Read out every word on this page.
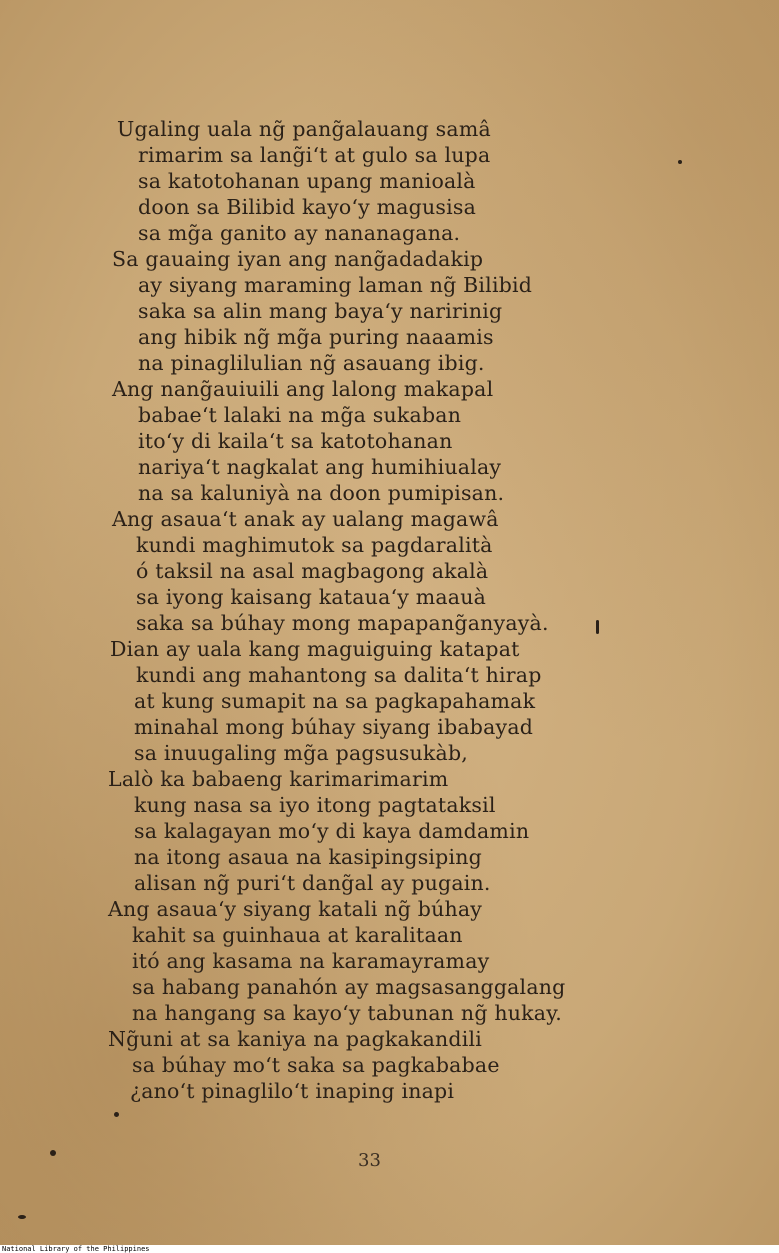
Ugaling uala ng̃ pang̃alauang samâ
rimarim sa lang̃i‘t at gulo sa lupa
sa katotohanan upang manioalà
doon sa Bilibid kayo‘y magusisa
sa mg̃a ganito ay nananagana.
Sa gauaing iyan ang nang̃adadakip
ay siyang maraming laman ng̃ Bilibid
saka sa alin mang baya‘y naririnig
ang hibik ng̃ mg̃a puring naaamis
na pinaglilulian ng̃ asauang ibig.
Ang nang̃auiuili ang lalong makapal
babae‘t lalaki na mg̃a sukaban
ito‘y di kaila‘t sa katotohanan
nariya‘t nagkalat ang humihiualay
na sa kaluniyà na doon pumipisan.
Ang asaua‘t anak ay ualang magawâ
kundi maghimutok sa pagdaralità
ó taksil na asal magbagong akalà
sa iyong kaisang kataua‘y maauà
saka sa búhay mong mapapang̃anyayà.
Dian ay uala kang maguiguing katapat
kundi ang mahantong sa dalita‘t hirap
at kung sumapit na sa pagkapahamak
minahal mong búhay siyang ibabayad
sa inuugaling mg̃a pagsusukàb,
Lalò ka babaeng karimarimarim
kung nasa sa iyo itong pagtataksil
sa kalagayan mo‘y di kaya damdamin
na itong asaua na kasipingsiping
alisan ng̃ puri‘t dang̃al ay pugain.
Ang asaua‘y siyang katali ng̃ búhay
kahit sa guinhaua at karalitaan
itó ang kasama na karamayramay
sa habang panahón ay magsasanggalang
na hangang sa kayo‘y tabunan ng̃ hukay.
Ng̃uni at sa kaniya na pagkakandili
sa búhay mo‘t saka sa pagkababae
¿ano‘t pinaglilo‘t inaping inapi
33
National Library of the Philippines
